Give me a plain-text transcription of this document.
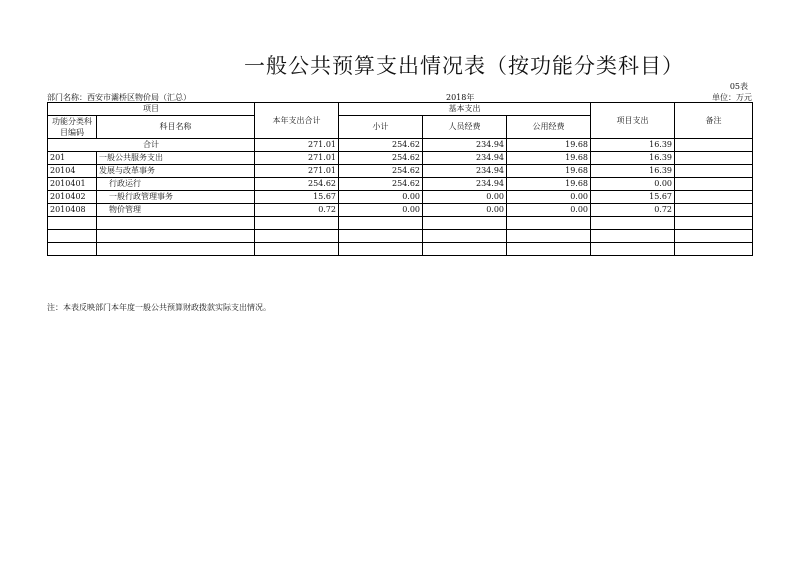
一般公共预算支出情况表（按功能分类科目）
05表
部门名称：西安市灞桥区物价局（汇总）	2018年	单位：万元
项目		本年支出合计	基本支出			项目支出	备注
功能分类科目编码	科目名称		小计	人员经费	公用经费		

合计		271.01	254.62	234.94	19.68	16.39	
201	一般公共服务支出	271.01	254.62	234.94	19.68	16.39	
20104	发展与改革事务	271.01	254.62	234.94	19.68	16.39	
2010401	行政运行	254.62	254.62	234.94	19.68	0.00	
2010402	一般行政管理事务	15.67	0.00	0.00	0.00	15.67	
2010408	物价管理	0.72	0.00	0.00	0.00	0.72	

注：本表反映部门本年度一般公共预算财政拨款实际支出情况。
